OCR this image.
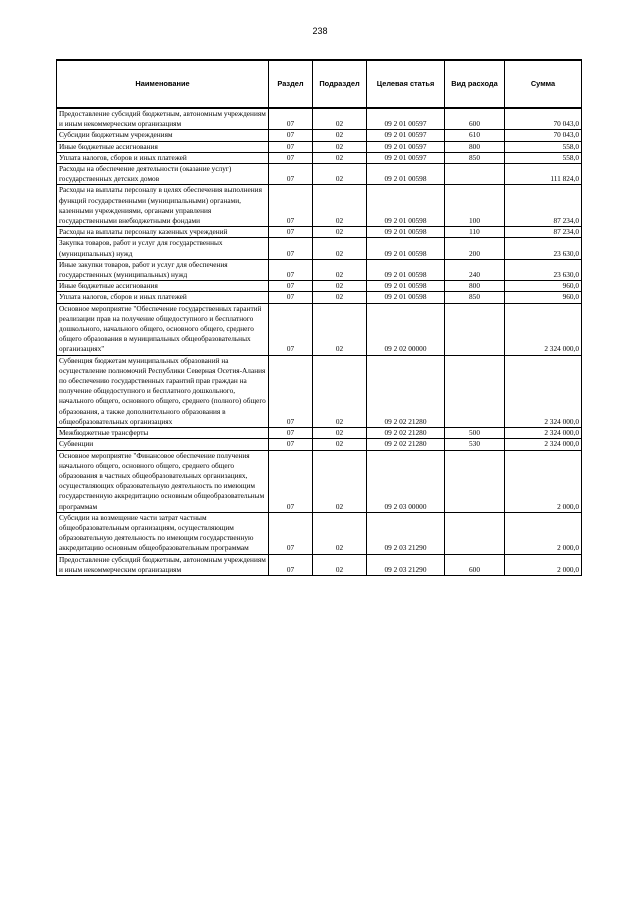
238
Наименование	Раздел	Подраздел	Целевая статья	Вид расхода	Сумма
Предоставление субсидий бюджетным, автономным учреждениям и иным некоммерческим организациям	07	02	09 2 01 00597	600	70 043,0
Субсидии бюджетным учреждениям	07	02	09 2 01 00597	610	70 043,0
Иные бюджетные ассигнования	07	02	09 2 01 00597	800	558,0
Уплата налогов, сборов и иных платежей	07	02	09 2 01 00597	850	558,0
Расходы на обеспечение деятельности (оказание услуг) государственных детских домов	07	02	09 2 01 00598		111 824,0
Расходы на выплаты персоналу в целях обеспечения выполнения функций государственными (муниципальными) органами, казенными учреждениями, органами управления государственными внебюджетными фондами	07	02	09 2 01 00598	100	87 234,0
Расходы на выплаты персоналу казенных учреждений	07	02	09 2 01 00598	110	87 234,0
Закупка товаров, работ и услуг для государственных (муниципальных) нужд	07	02	09 2 01 00598	200	23 630,0
Иные закупки товаров, работ и услуг для обеспечения государственных (муниципальных) нужд	07	02	09 2 01 00598	240	23 630,0
Иные бюджетные ассигнования	07	02	09 2 01 00598	800	960,0
Уплата налогов, сборов и иных платежей	07	02	09 2 01 00598	850	960,0
Основное мероприятие "Обеспечение государственных гарантий реализации прав на получение общедоступного и бесплатного дошкольного, начального общего, основного общего, среднего общего образования в муниципальных общеобразовательных организациях"	07	02	09 2 02 00000		2 324 000,0
Субвенция бюджетам муниципальных образований на осуществление полномочий Республики Северная Осетия-Алания по обеспечению государственных гарантий прав граждан на получение общедоступного и бесплатного дошкольного, начального общего, основного общего, среднего (полного) общего образования, а также дополнительного образования в общеобразовательных организациях	07	02	09 2 02 21280		2 324 000,0
Межбюджетные трансферты	07	02	09 2 02 21280	500	2 324 000,0
Субвенции	07	02	09 2 02 21280	530	2 324 000,0
Основное мероприятие "Финансовое обеспечение получения начального общего, основного общего, среднего общего образования в частных общеобразовательных организациях, осуществляющих образовательную деятельность по имеющим государственную аккредитацию основным общеобразовательным программам	07	02	09 2 03 00000		2 000,0
Субсидии на возмещение части затрат частным общеобразовательным организациям, осуществляющим образовательную деятельность по имеющим государственную аккредитацию основным общеобразовательным программам	07	02	09 2 03 21290		2 000,0
Предоставление субсидий бюджетным, автономным учреждениям и иным некоммерческим организациям	07	02	09 2 03 21290	600	2 000,0
